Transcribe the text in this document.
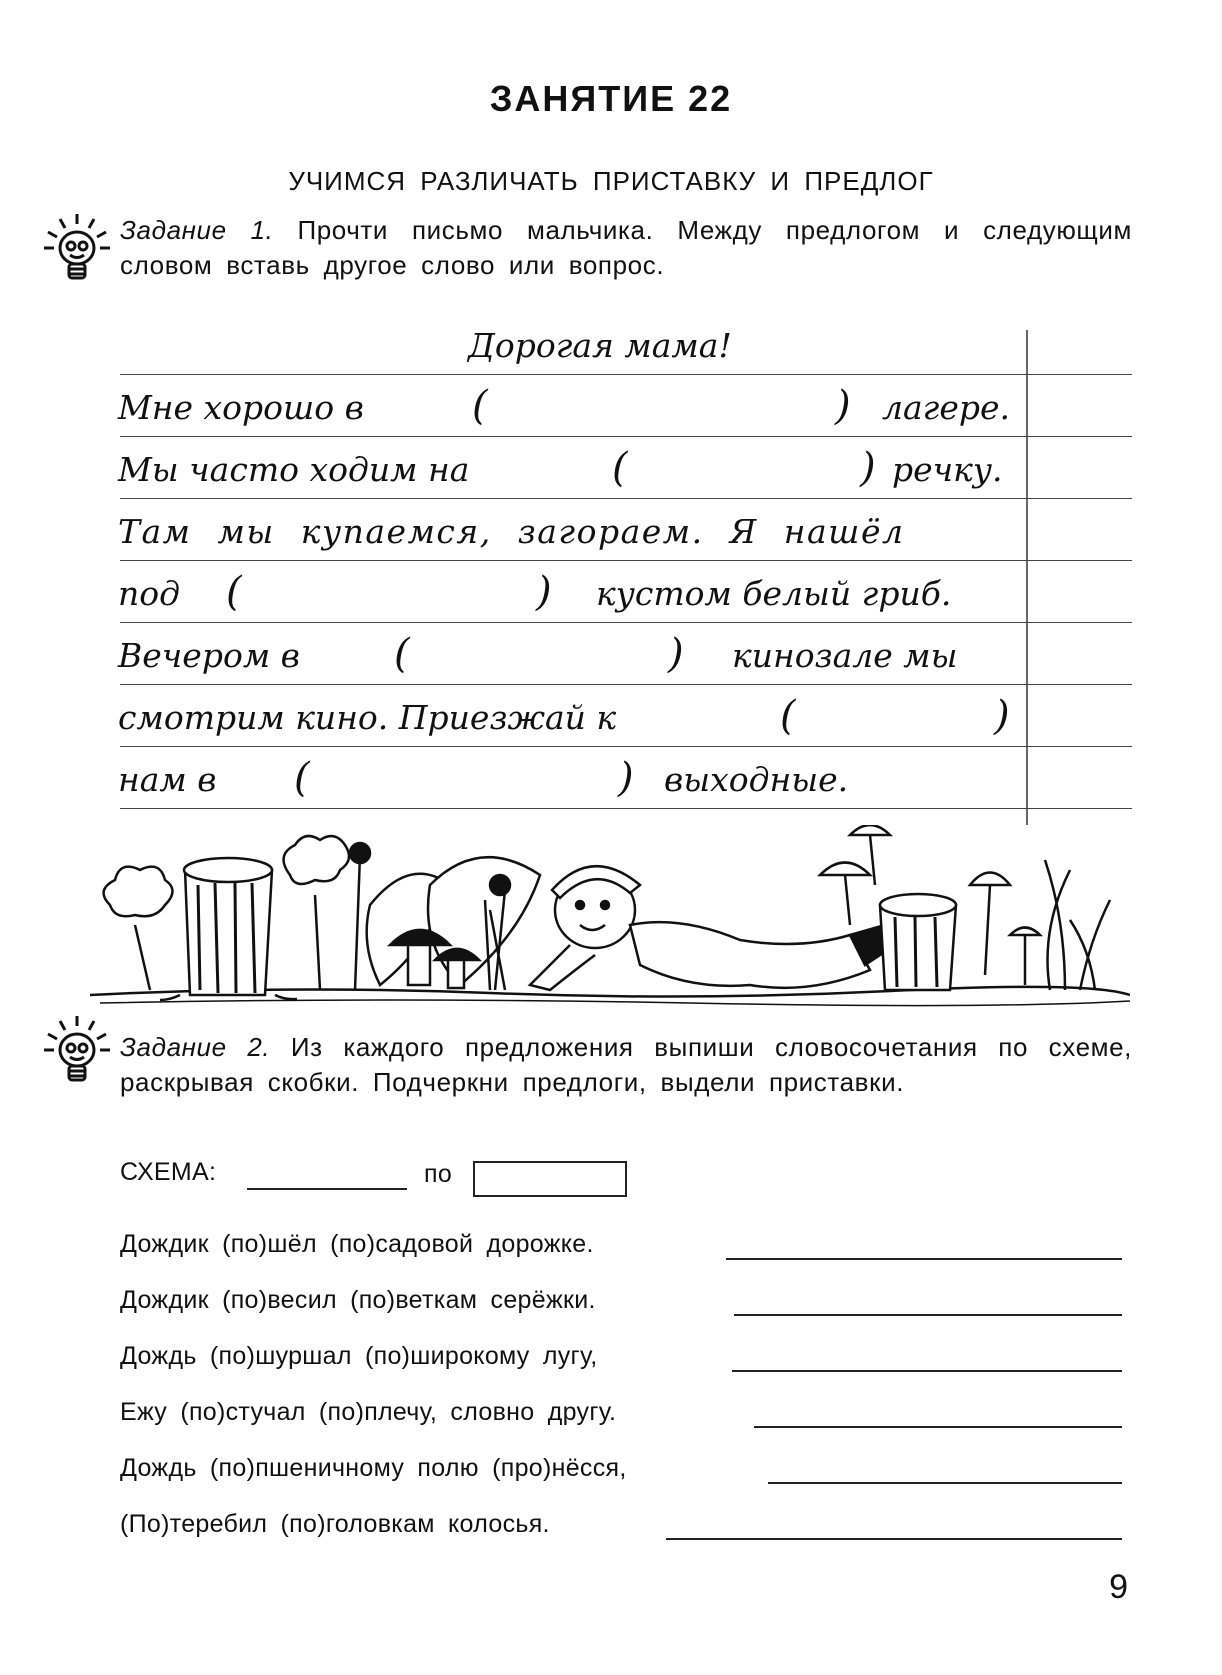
ЗАНЯТИЕ 22
УЧИМСЯ РАЗЛИЧАТЬ ПРИСТАВКУ И ПРЕДЛОГ
Задание 1. Прочти письмо мальчика. Между предлогом и следующим словом вставь другое слово или вопрос.
Дорогая мама!
Мне хорошо в	(	) лагере.
Мы часто ходим на	(	) речку.
Там мы купаемся, загораем. Я нашёл
под (	) кустом белый гриб.
Вечером в (	) кинозале мы
смотрим кино. Приезжай к	(	)
нам в (	) выходные.
Задание 2. Из каждого предложения выпиши словосочетания по схеме, раскрывая скобки. Подчеркни предлоги, выдели приставки.
СХЕМА:	по
Дождик (по)шёл (по)садовой дорожке.
Дождик (по)весил (по)веткам серёжки.
Дождь (по)шуршал (по)широкому лугу,
Ежу (по)стучал (по)плечу, словно другу.
Дождь (по)пшеничному полю (про)нёсся,
(По)теребил (по)головкам колосья.
9
